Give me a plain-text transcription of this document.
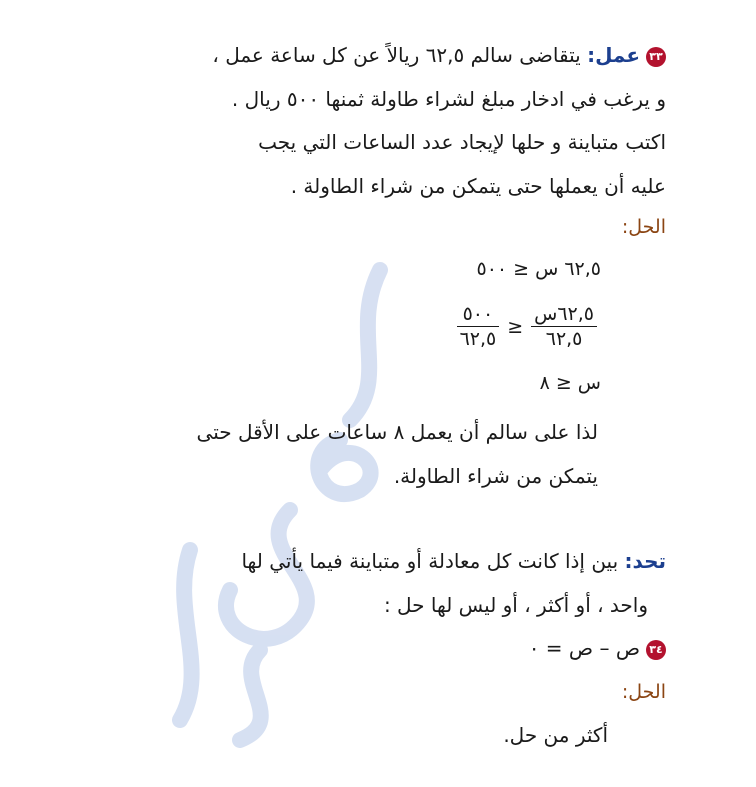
٣٣عمل: يتقاضى سالم ٦٢,٥ ريالاً عن كل ساعة عمل ،
و يرغب في ادخار مبلغ لشراء طاولة ثمنها ٥٠٠ ريال .
اكتب متباينة و حلها لإيجاد عدد الساعات التي يجب
عليه أن يعملها حتى يتمكن من شراء الطاولة .
الحل:
٦٢,٥ س ≤ ٥٠٠
$\frac{\text{٦٢,٥س}}{٦٢,٥}$
≤
$\frac{٥٠٠}{٦٢,٥}$
س ≤ ٨
لذا على سالم أن يعمل ٨ ساعات على الأقل حتى
يتمكن من شراء الطاولة.
تحد: بين إذا كانت كل معادلة أو متباينة فيما يأتي لها
واحد ، أو أكثر ، أو ليس لها حل :
٣٤ص – ص = ٠
الحل:
أكثر من حل.
